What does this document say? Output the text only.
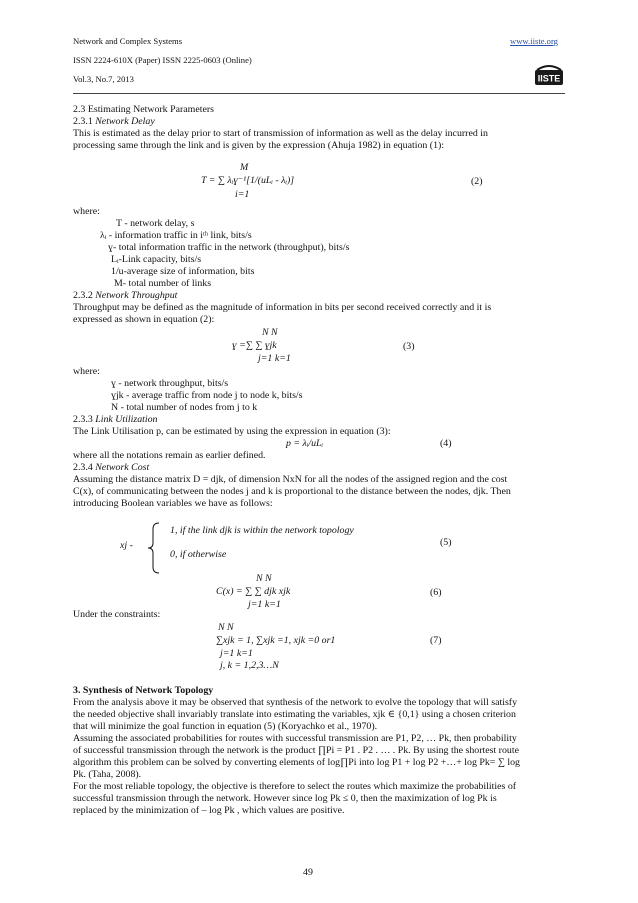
Network and Complex Systems	www.iiste.org
ISSN 2224-610X (Paper) ISSN 2225-0603 (Online)
Vol.3, No.7, 2013	IISTE
2.3 Estimating Network Parameters
2.3.1 Network Delay
This is estimated as the delay prior to start of transmission of information as well as the delay incurred in
processing same through the link and is given by the expression (Ahuja 1982) in equation (1):
M
T = ∑ λᵢɣ⁻¹[1/(uLᵢ - λᵢ)]
i=1
(2)
where:
T - network delay, s
λᵢ - information traffic in iᵗʰ link, bits/s
ɣ- total information traffic in the network (throughput), bits/s
Lᵢ-Link capacity, bits/s
1/u-average size of information, bits
M- total number of links
2.3.2 Network Throughput
Throughput may be defined as the magnitude of information in bits per second received correctly and it is
expressed as shown in equation (2):
N N
ɣ =∑ ∑ ɣjk
j=1 k=1
(3)
where:
ɣ - network throughput, bits/s
ɣjk - average traffic from node j to node k, bits/s
N - total number of nodes from j to k
2.3.3 Link Utilization
The Link Utilisation p, can be estimated by using the expression in equation (3):
p = λᵢ/uLᵢ	(4)
where all the notations remain as earlier defined.
2.3.4 Network Cost
Assuming the distance matrix D = djk, of dimension NxN for all the nodes of the assigned region and the cost
C(x), of communicating between the nodes j and k is proportional to the distance between the nodes, djk. Then
introducing Boolean variables we have as follows:
xj -
1, if the link djk is within the network topology
0, if otherwise
(5)
N N
C(x) = ∑ ∑ djk xjk
j=1 k=1
(6)
Under the constraints:
N N
∑xjk = 1, ∑xjk =1, xjk =0 or1
j=1 k=1
j, k = 1,2,3…N
(7)
3. Synthesis of Network Topology
From the analysis above it may be observed that synthesis of the network to evolve the topology that will satisfy
the needed objective shall invariably translate into estimating the variables, xjk ∈ {0,1} using a chosen criterion
that will minimize the goal function in equation (5) (Koryachko et al., 1970).
Assuming the associated probabilities for routes with successful transmission are P1, P2, … Pk, then probability
of successful transmission through the network is the product ∏Pi = P1 . P2 . … . Pk. By using the shortest route
algorithm this problem can be solved by converting elements of log∏Pi into log P1 + log P2 +…+ log Pk= ∑ log
Pk. (Taha, 2008).
For the most reliable topology, the objective is therefore to select the routes which maximize the probabilities of
successful transmission through the network. However since log Pk ≤ 0, then the maximization of log Pk is
replaced by the minimization of – log Pk , which values are positive.
49
